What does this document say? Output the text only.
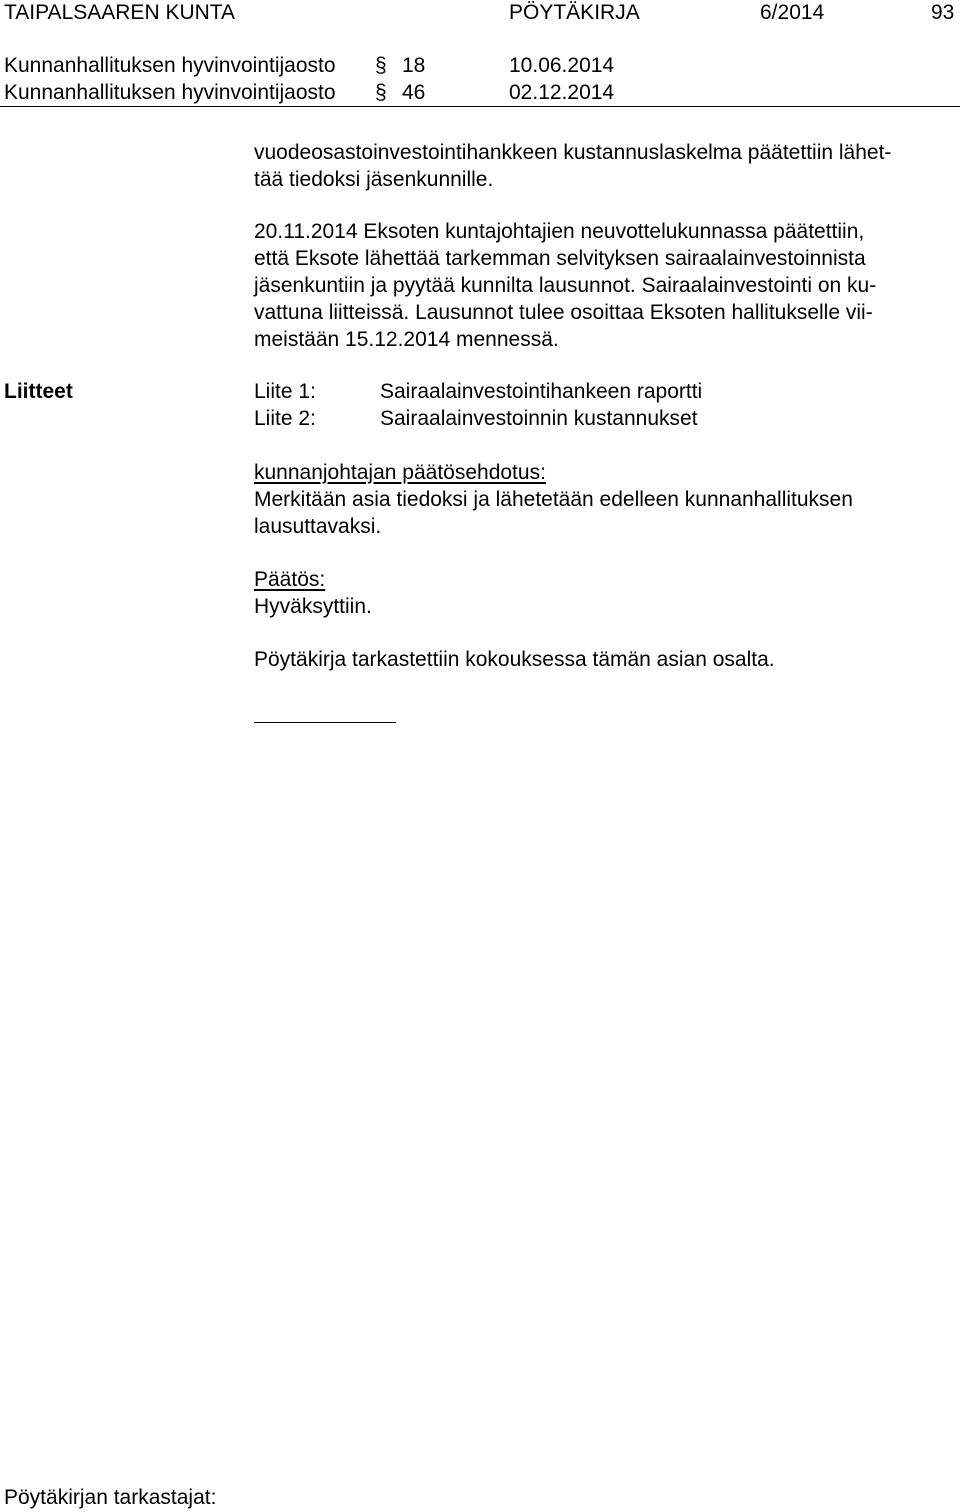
TAIPALSAAREN KUNTA	PÖYTÄKIRJA	6/2014	93
Kunnanhallituksen hyvinvointijaosto § 18	10.06.2014
Kunnanhallituksen hyvinvointijaosto § 46	02.12.2014
vuodeosastoinvestointihankkeen kustannuslaskelma päätettiin lähet-
tää tiedoksi jäsenkunnille.
20.11.2014 Eksoten kuntajohtajien neuvottelukunnassa päätettiin,
että Eksote lähettää tarkemman selvityksen sairaalainvestoinnista
jäsenkuntiin ja pyytää kunnilta lausunnot. Sairaalainvestointi on ku-
vattuna liitteissä. Lausunnot tulee osoittaa Eksoten hallitukselle vii-
meistään 15.12.2014 mennessä.
Liitteet	Liite 1:	Sairaalainvestointihankeen raportti
Liite 2:	Sairaalainvestoinnin kustannukset
kunnanjohtajan päätösehdotus:
Merkitään asia tiedoksi ja lähetetään edelleen kunnanhallituksen
lausuttavaksi.
Päätös:
Hyväksyttiin.
Pöytäkirja tarkastettiin kokouksessa tämän asian osalta.
Pöytäkirjan tarkastajat:
